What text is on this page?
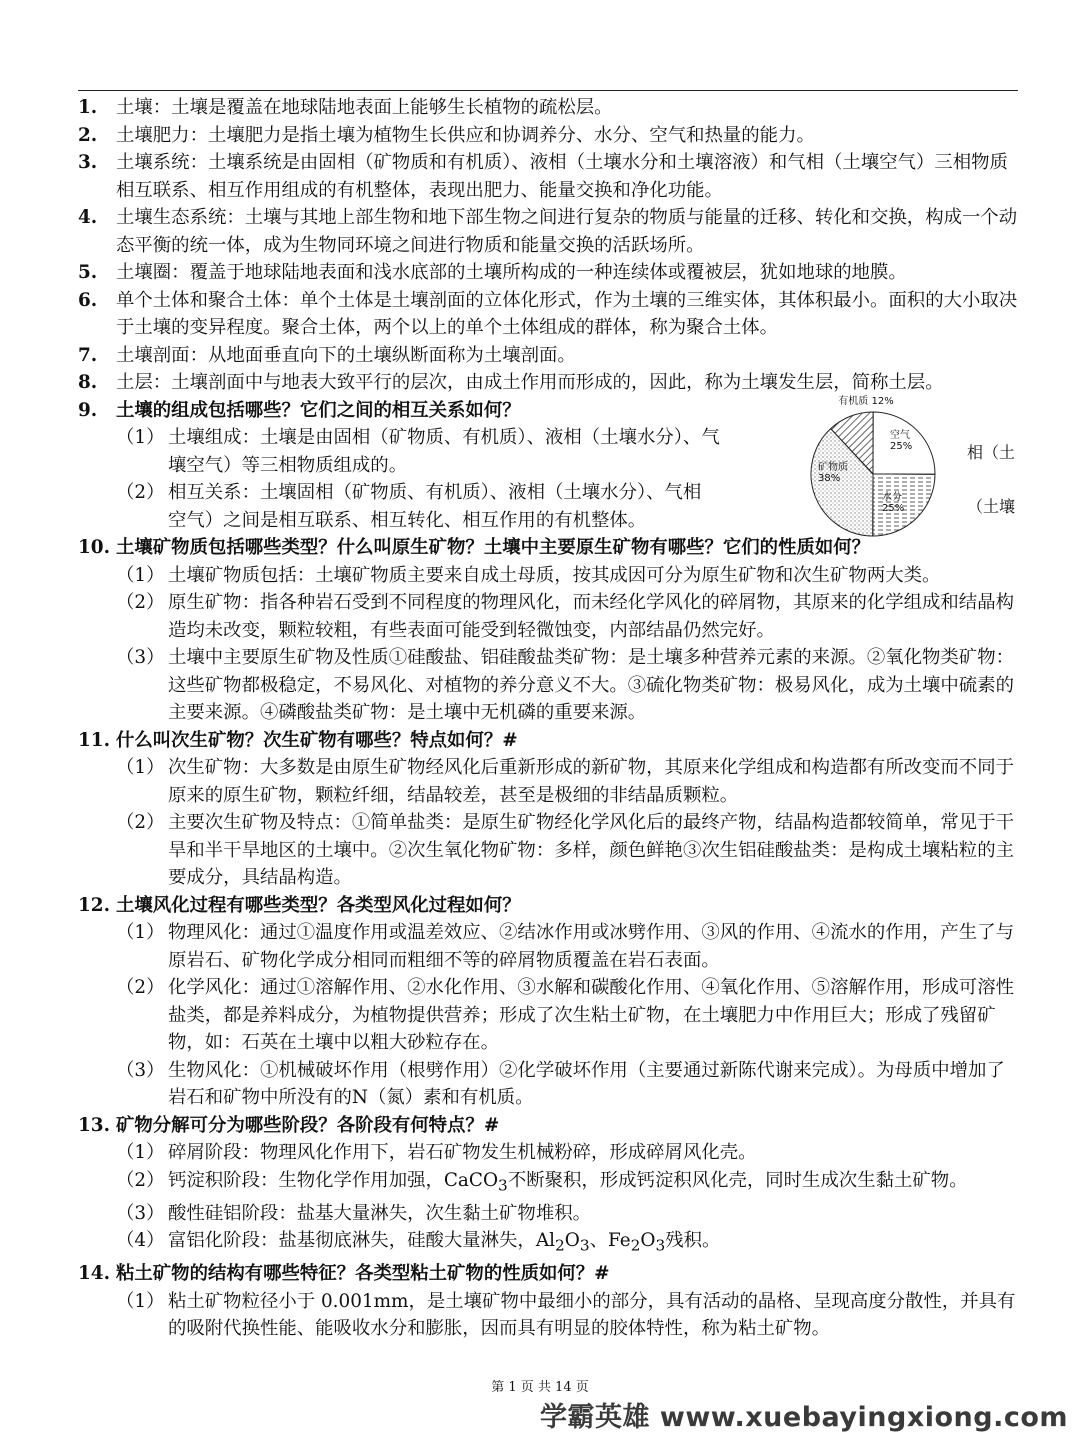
1. 土壤：土壤是覆盖在地球陆地表面上能够生长植物的疏松层。
2. 土壤肥力：土壤肥力是指土壤为植物生长供应和协调养分、水分、空气和热量的能力。
3. 土壤系统：土壤系统是由固相（矿物质和有机质）、液相（土壤水分和土壤溶液）和气相（土壤空气）三相物质相互联系、相互作用组成的有机整体，表现出肥力、能量交换和净化功能。
4. 土壤生态系统：土壤与其地上部生物和地下部生物之间进行复杂的物质与能量的迁移、转化和交换，构成一个动态平衡的统一体，成为生物同环境之间进行物质和能量交换的活跃场所。
5. 土壤圈：覆盖于地球陆地表面和浅水底部的土壤所构成的一种连续体或覆被层，犹如地球的地膜。
6. 单个土体和聚合土体：单个土体是土壤剖面的立体化形式，作为土壤的三维实体，其体积最小。面积的大小取决于土壤的变异程度。聚合土体，两个以上的单个土体组成的群体，称为聚合土体。
7. 土壤剖面：从地面垂直向下的土壤纵断面称为土壤剖面。
8. 土层：土壤剖面中与地表大致平行的层次，由成土作用而形成的，因此，称为土壤发生层，简称土层。
9. 土壤的组成包括哪些？它们之间的相互关系如何？
（1） 土壤组成：土壤是由固相（矿物质、有机质）、液相（土壤水分）、气
壤空气）等三相物质组成的。
（2） 相互关系：土壤固相（矿物质、有机质）、液相（土壤水分）、气相
空气）之间是相互联系、相互转化、相互作用的有机整体。
10. 土壤矿物质包括哪些类型？什么叫原生矿物？土壤中主要原生矿物有哪些？它们的性质如何？
（1） 土壤矿物质包括：土壤矿物质主要来自成土母质，按其成因可分为原生矿物和次生矿物两大类。
（2） 原生矿物：指各种岩石受到不同程度的物理风化，而未经化学风化的碎屑物，其原来的化学组成和结晶构造均未改变，颗粒较粗，有些表面可能受到轻微蚀变，内部结晶仍然完好。
（3） 土壤中主要原生矿物及性质①硅酸盐、铝硅酸盐类矿物：是土壤多种营养元素的来源。②氧化物类矿物：这些矿物都极稳定，不易风化、对植物的养分意义不大。③硫化物类矿物：极易风化，成为土壤中硫素的主要来源。④磷酸盐类矿物：是土壤中无机磷的重要来源。
11. 什么叫次生矿物？次生矿物有哪些？特点如何？#
（1） 次生矿物：大多数是由原生矿物经风化后重新形成的新矿物，其原来化学组成和构造都有所改变而不同于原来的原生矿物，颗粒纤细，结晶较差，甚至是极细的非结晶质颗粒。
（2） 主要次生矿物及特点：①简单盐类：是原生矿物经化学风化后的最终产物，结晶构造都较简单，常见于干旱和半干旱地区的土壤中。②次生氧化物矿物：多样，颜色鲜艳③次生铝硅酸盐类：是构成土壤粘粒的主要成分，具结晶构造。
12. 土壤风化过程有哪些类型？各类型风化过程如何？
（1） 物理风化：通过①温度作用或温差效应、②结冰作用或冰劈作用、③风的作用、④流水的作用，产生了与原岩石、矿物化学成分相同而粗细不等的碎屑物质覆盖在岩石表面。
（2） 化学风化：通过①溶解作用、②水化作用、③水解和碳酸化作用、④氧化作用、⑤溶解作用，形成可溶性盐类，都是养料成分，为植物提供营养；形成了次生粘土矿物，在土壤肥力中作用巨大；形成了残留矿物，如：石英在土壤中以粗大砂粒存在。
（3） 生物风化：①机械破坏作用（根劈作用）②化学破坏作用（主要通过新陈代谢来完成）。为母质中增加了岩石和矿物中所没有的N（氮）素和有机质。
13. 矿物分解可分为哪些阶段？各阶段有何特点？#
（1） 碎屑阶段：物理风化作用下，岩石矿物发生机械粉碎，形成碎屑风化壳。
（2） 钙淀积阶段：生物化学作用加强，CaCO$_3$不断聚积，形成钙淀积风化壳，同时生成次生黏土矿物。
（3） 酸性硅铝阶段：盐基大量淋失，次生黏土矿物堆积。
（4） 富铝化阶段：盐基彻底淋失，硅酸大量淋失，$Al_2O_3$、$Fe_2O_3$残积。
14. 粘土矿物的结构有哪些特征？各类型粘土矿物的性质如何？#
（1） 粘土矿物粒径小于 0.001mm，是土壤矿物中最细小的部分，具有活动的晶格、呈现高度分散性，并具有的吸附代换性能、能吸收水分和膨胀，因而具有明显的胶体特性，称为粘土矿物。
有机质 12%
空气 25%
水分 25%
矿物质 38%
相（土
（土壤
第 1 页 共 14 页
学霸英雄 www.xuebayingxiong.com
